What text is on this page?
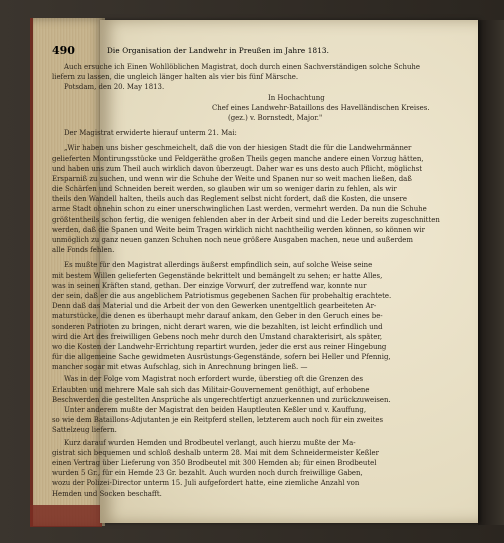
490	Die Organisation der Landwehr in Preußen im Jahre 1813.
Auch ersuche ich Einen Wohllöblichen Magistrat, doch durch einen Sachverständigen solche Schuhe
liefern zu lassen, die ungleich länger halten als vier bis fünf Märsche.
Potsdam, den 20. May 1813.
In Hochachtung
Chef eines Landwehr-Bataillons des Havelländischen Kreises.
(gez.) v. Bornstedt, Major."
Der Magistrat erwiderte hierauf unterm 21. Mai:
„Wir haben uns bisher geschmeichelt, daß die von der hiesigen Stadt die für die Landwehrmänner
gelieferten Montirungsstücke und Feldgeräthe großen Theils gegen manche andere einen Vorzug hätten,
und haben uns zum Theil auch wirklich davon überzeugt. Daher war es uns desto auch Pflicht, möglichst
Ersparniß zu suchen, und wenn wir die Schuhe der Weite und Spanen nur so weit machen ließen, daß
die Schärfen und Schneiden bereit werden, so glauben wir um so weniger darin zu fehlen, als wir
theils den Wandell halten, theils auch das Reglement selbst nicht fordert, daß die Kosten, die unsere
arme Stadt ohnehin schon zu einer unerschwinglichen Last werden, vermehrt werden. Da nun die Schuhe
größtentheils schon fertig, die wenigen fehlenden aber in der Arbeit sind und die Leder bereits zugeschnitten
werden, daß die Spanen und Weite beim Tragen wirklich nicht nachtheilig werden können, so können wir
unmöglich zu ganz neuen ganzen Schuhen noch neue größere Ausgaben machen, neue und außerdem
alle Fonds fehlen.
Es mußte für den Magistrat allerdings äußerst empfindlich sein, auf solche Weise seine
mit bestem Willen gelieferten Gegenstände bekrittelt und bemängelt zu sehen; er hatte Alles,
was in seinen Kräften stand, gethan. Der einzige Vorwurf, der zutreffend war, konnte nur
der sein, daß er die aus angeblichem Patriotismus gegebenen Sachen für probehaltig erachtete.
Denn daß das Material und die Arbeit der von den Gewerken unentgeltlich gearbeiteten Ar-
maturstücke, die denen es überhaupt mehr darauf ankam, den Geber in den Geruch eines be-
sonderen Patrioten zu bringen, nicht derart waren, wie die bezahlten, ist leicht erfindlich und
wird die Art des freiwilligen Gebens noch mehr durch den Umstand charakterisirt, als später,
wo die Kosten der Landwehr-Errichtung repartirt wurden, jeder die erst aus reiner Hingebung
für die allgemeine Sache gewidmeten Ausrüstungs-Gegenstände, sofern bei Heller und Pfennig,
mancher sogar mit etwas Aufschlag, sich in Anrechnung bringen ließ. —
Was in der Folge vom Magistrat noch erfordert wurde, überstieg oft die Grenzen des
Erlaubten und mehrere Male sah sich das Militair-Gouvernement genöthigt, auf erhobene
Beschwerden die gestellten Ansprüche als ungerechtfertigt anzuerkennen und zurückzuweisen.
Unter anderem mußte der Magistrat den beiden Hauptleuten Keßler und v. Kauffung,
so wie dem Bataillons-Adjutanten je ein Reitpferd stellen, letzterem auch noch für ein zweites
Sattelzeug liefern.
Kurz darauf wurden Hemden und Brodbeutel verlangt, auch hierzu mußte der Ma-
gistrat sich bequemen und schloß deshalb unterm 28. Mai mit dem Schneidermeister Keßler
einen Vertrag über Lieferung von 350 Brodbeutel mit 300 Hemden ab; für einen Brodbeutel
wurden 5 Gr., für ein Hemde 23 Gr. bezahlt. Auch wurden noch durch freiwillige Gaben,
wozu der Polizei-Director unterm 15. Juli aufgefordert hatte, eine ziemliche Anzahl von
Hemden und Socken beschafft.
